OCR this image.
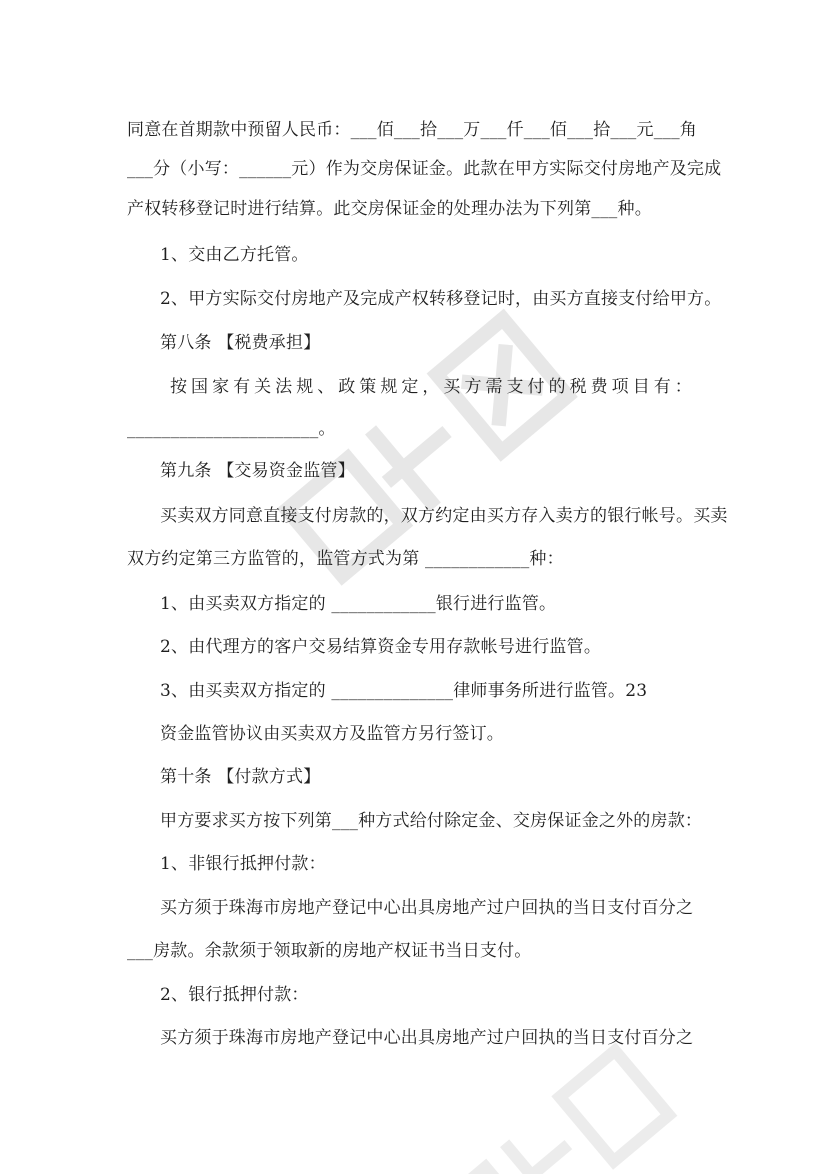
同意在首期款中预留人民币：___佰___拾___万___仟___佰___拾___元___角
___分（小写：______元）作为交房保证金。此款在甲方实际交付房地产及完成
产权转移登记时进行结算。此交房保证金的处理办法为下列第___种。
1、交由乙方托管。
2、甲方实际交付房地产及完成产权转移登记时，由买方直接支付给甲方。
第八条 【税费承担】
按 国 家 有 关 法 规 、 政 策 规 定 ， 买 方 需 支 付 的 税 费 项 目 有 ：
______________________。
第九条 【交易资金监管】
买卖双方同意直接支付房款的，双方约定由买方存入卖方的银行帐号。买卖
双方约定第三方监管的，监管方式为第 ____________种：
1、由买卖双方指定的 ____________银行进行监管。
2、由代理方的客户交易结算资金专用存款帐号进行监管。
3、由买卖双方指定的 ______________律师事务所进行监管。23
资金监管协议由买卖双方及监管方另行签订。
第十条 【付款方式】
甲方要求买方按下列第___种方式给付除定金、交房保证金之外的房款：
1、非银行抵押付款：
买方须于珠海市房地产登记中心出具房地产过户回执的当日支付百分之
___房款。余款须于领取新的房地产权证书当日支付。
2、银行抵押付款：
买方须于珠海市房地产登记中心出具房地产过户回执的当日支付百分之
